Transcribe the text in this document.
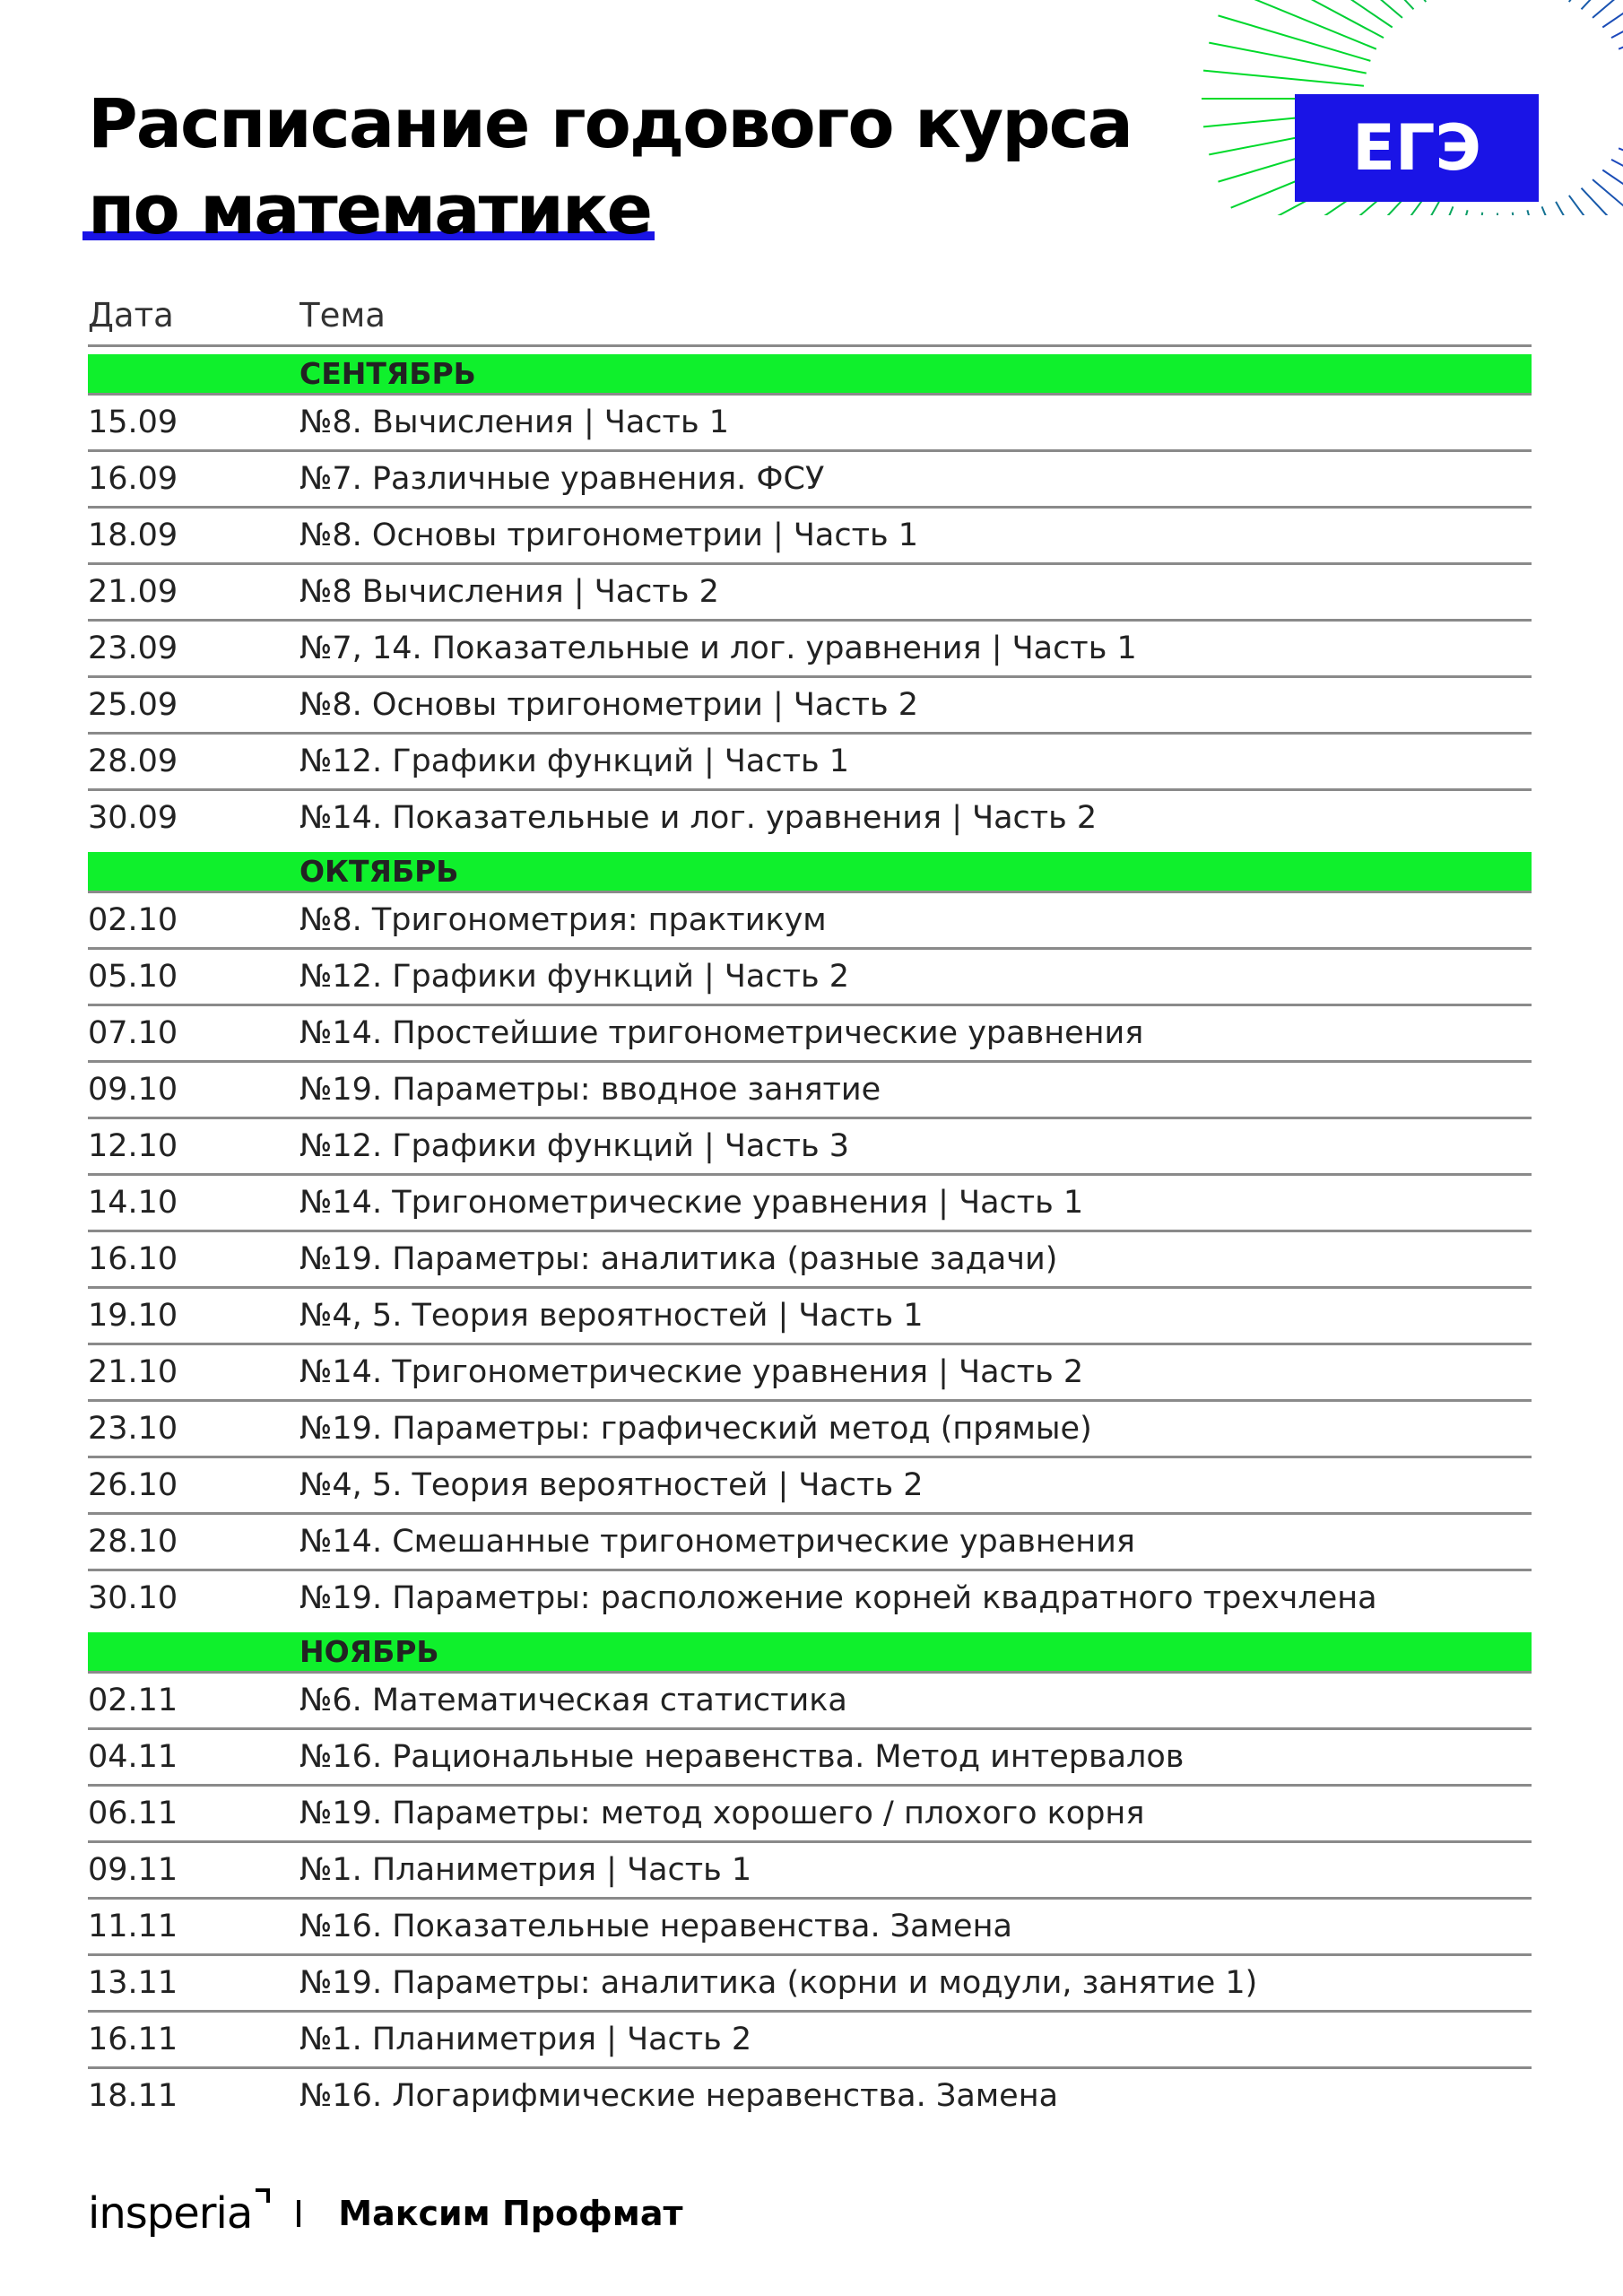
ЕГЭ
Расписание годового курса
по математике
Дата	Тема
СЕНТЯБРЬ
15.09	№8. Вычисления | Часть 1
16.09	№7. Различные уравнения. ФСУ
18.09	№8. Основы тригонометрии | Часть 1
21.09	№8 Вычисления | Часть 2
23.09	№7, 14. Показательные и лог. уравнения | Часть 1
25.09	№8. Основы тригонометрии | Часть 2
28.09	№12. Графики функций | Часть 1
30.09	№14. Показательные и лог. уравнения | Часть 2
ОКТЯБРЬ
02.10	№8. Тригонометрия: практикум
05.10	№12. Графики функций | Часть 2
07.10	№14. Простейшие тригонометрические уравнения
09.10	№19. Параметры: вводное занятие
12.10	№12. Графики функций | Часть 3
14.10	№14. Тригонометрические уравнения | Часть 1
16.10	№19. Параметры: аналитика (разные задачи)
19.10	№4, 5. Теория вероятностей | Часть 1
21.10	№14. Тригонометрические уравнения | Часть 2
23.10	№19. Параметры: графический метод (прямые)
26.10	№4, 5. Теория вероятностей | Часть 2
28.10	№14. Смешанные тригонометрические уравнения
30.10	№19. Параметры: расположение корней квадратного трехчлена
НОЯБРЬ
02.11	№6. Математическая статистика
04.11	№16. Рациональные неравенства. Метод интервалов
06.11	№19. Параметры: метод хорошего / плохого корня
09.11	№1. Планиметрия | Часть 1
11.11	№16. Показательные неравенства. Замена
13.11	№19. Параметры: аналитика (корни и модули, занятие 1)
16.11	№1. Планиметрия | Часть 2
18.11	№16. Логарифмические неравенства. Замена
insperia	Максим Профмат
